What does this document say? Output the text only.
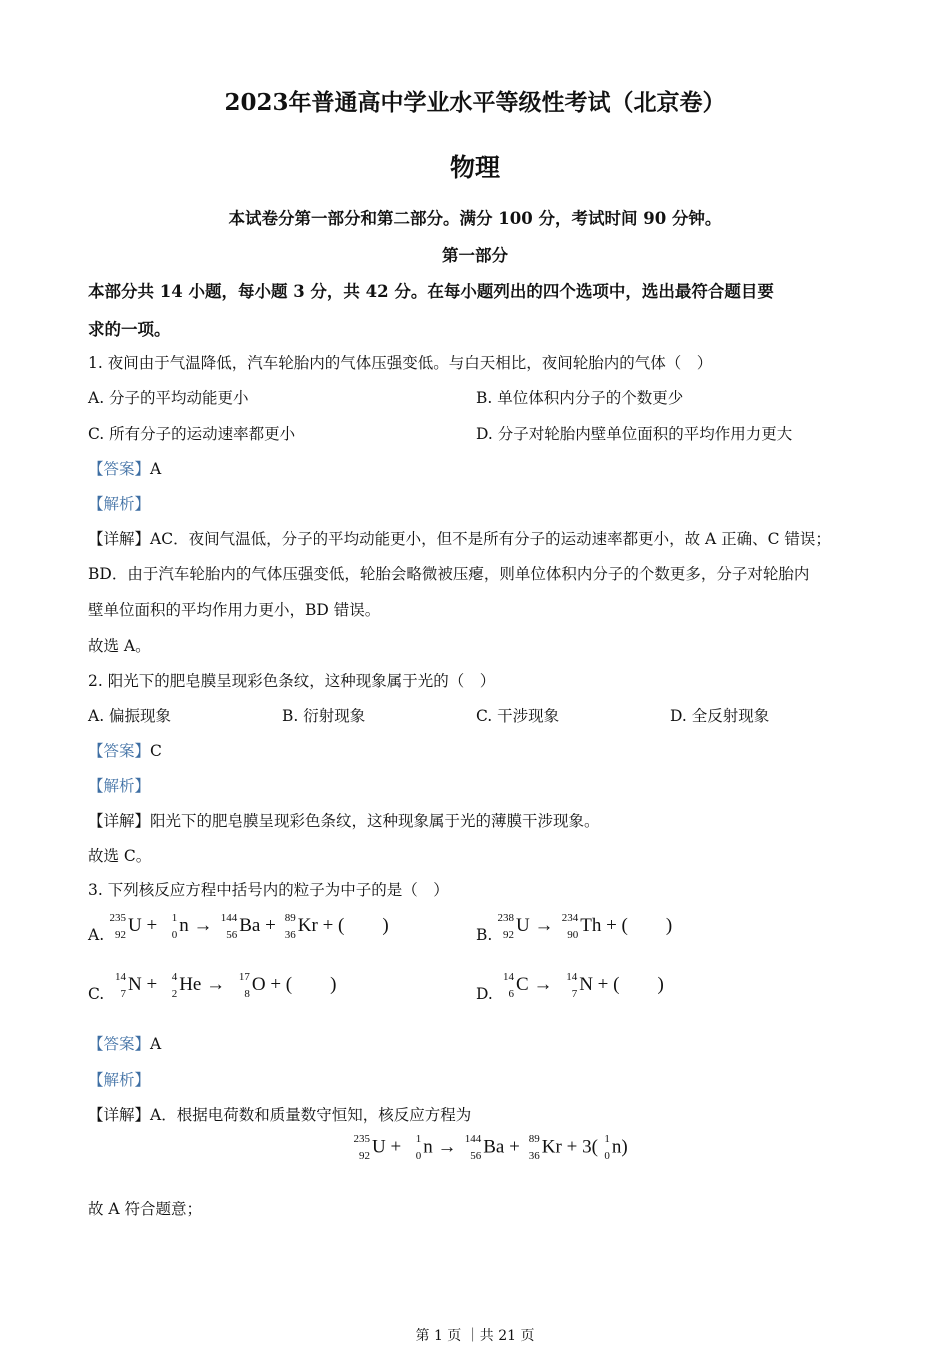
2023年普通高中学业水平等级性考试（北京卷）
物理
本试卷分第一部分和第二部分。满分 100 分，考试时间 90 分钟。
第一部分
本部分共 14 小题，每小题 3 分，共 42 分。在每小题列出的四个选项中，选出最符合题目要
求的一项。
1. 夜间由于气温降低，汽车轮胎内的气体压强变低。与白天相比，夜间轮胎内的气体（　）
A. 分子的平均动能更小	B. 单位体积内分子的个数更少
C. 所有分子的运动速率都更小	D. 分子对轮胎内壁单位面积的平均作用力更大
【答案】A
【解析】
【详解】AC．夜间气温低，分子的平均动能更小，但不是所有分子的运动速率都更小，故 A 正确、C 错误；
BD．由于汽车轮胎内的气体压强变低，轮胎会略微被压瘪，则单位体积内分子的个数更多，分子对轮胎内
壁单位面积的平均作用力更小，BD 错误。
故选 A。
2. 阳光下的肥皂膜呈现彩色条纹，这种现象属于光的（　）
A. 偏振现象	B. 衍射现象	C. 干涉现象	D. 全反射现象
【答案】C
【解析】
【详解】阳光下的肥皂膜呈现彩色条纹，这种现象属于光的薄膜干涉现象。
故选 C。
3. 下列核反应方程中括号内的粒子为中子的是（　）
A.
235
92 U + 1
0 n → 144
56 Ba + 89
36 Kr + (　　)	B.
238
92 U → 234
90 Th + (　　)
C.
14
7 N + 4
2 He → 17
8 O + (　　)	D.
14
6 C → 14
7 N + (　　)
【答案】A
【解析】
【详解】A．根据电荷数和质量数守恒知，核反应方程为
235
92 U + 1
0 n → 144
56 Ba + 89
36 Kr + 3( 1
0 n)
故 A 符合题意；
第 1 页 ｜共 21 页
